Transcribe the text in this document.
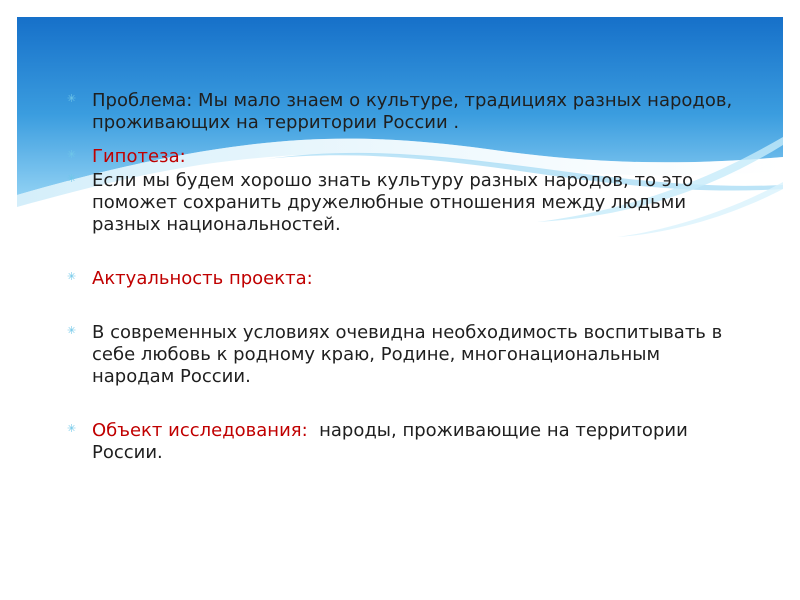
✳ Проблема: Мы мало знаем о культуре, традициях разных народов, проживающих на территории России .
✳ Гипотеза:
✳ Если мы будем хорошо знать культуру разных народов, то это поможет сохранить дружелюбные отношения между людьми разных национальностей.
✳ Актуальность проекта:
✳ В современных условиях очевидна необходимость воспитывать в себе любовь к родному краю, Родине, многонациональным народам России.
✳ Объект исследования:  народы, проживающие на территории России.
